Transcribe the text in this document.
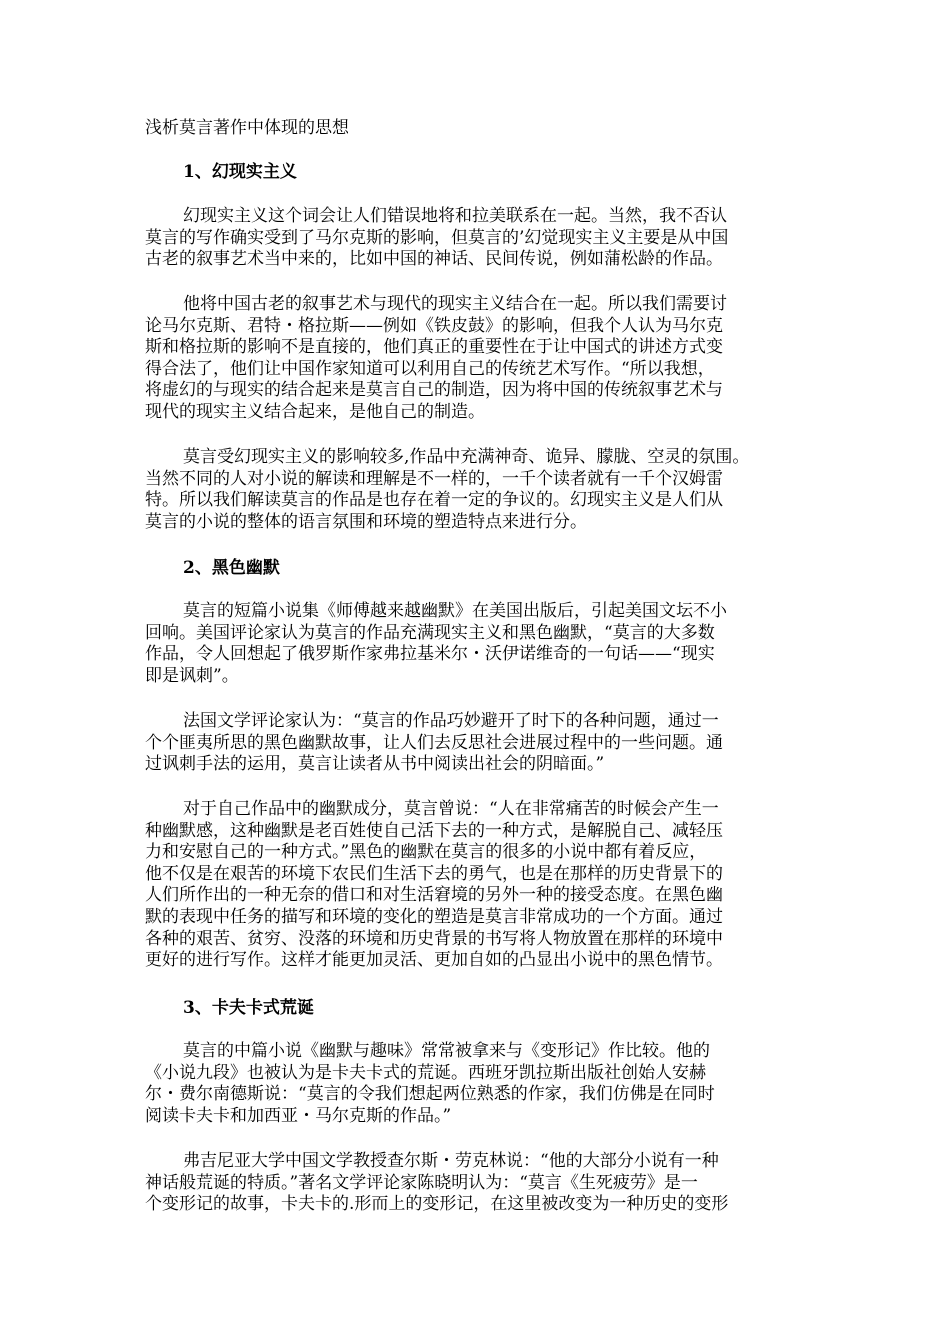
浅析莫言著作中体现的思想
1、幻现实主义

幻现实主义这个词会让人们错误地将和拉美联系在一起。当然，我不否认
莫言的写作确实受到了马尔克斯的影响，但莫言的’幻觉现实主义主要是从中国
古老的叙事艺术当中来的，比如中国的神话、民间传说，例如蒲松龄的作品。

他将中国古老的叙事艺术与现代的现实主义结合在一起。所以我们需要讨
论马尔克斯、君特・格拉斯——例如《铁皮鼓》的影响，但我个人认为马尔克
斯和格拉斯的影响不是直接的，他们真正的重要性在于让中国式的讲述方式变
得合法了，他们让中国作家知道可以利用自己的传统艺术写作。“所以我想，
将虚幻的与现实的结合起来是莫言自己的制造，因为将中国的传统叙事艺术与
现代的现实主义结合起来，是他自己的制造。

莫言受幻现实主义的影响较多,作品中充满神奇、诡异、朦胧、空灵的氛围。
当然不同的人对小说的解读和理解是不一样的，一千个读者就有一千个汉姆雷
特。所以我们解读莫言的作品是也存在着一定的争议的。幻现实主义是人们从
莫言的小说的整体的语言氛围和环境的塑造特点来进行分。

2、黑色幽默

莫言的短篇小说集《师傅越来越幽默》在美国出版后，引起美国文坛不小
回响。美国评论家认为莫言的作品充满现实主义和黑色幽默，“莫言的大多数
作品，令人回想起了俄罗斯作家弗拉基米尔・沃伊诺维奇的一句话——“现实
即是讽刺”。

法国文学评论家认为：“莫言的作品巧妙避开了时下的各种问题，通过一
个个匪夷所思的黑色幽默故事，让人们去反思社会进展过程中的一些问题。通
过讽刺手法的运用，莫言让读者从书中阅读出社会的阴暗面。”

对于自己作品中的幽默成分，莫言曾说：“人在非常痛苦的时候会产生一
种幽默感，这种幽默是老百姓使自己活下去的一种方式，是解脱自己、减轻压
力和安慰自己的一种方式。”黑色的幽默在莫言的很多的小说中都有着反应，
他不仅是在艰苦的环境下农民们生活下去的勇气，也是在那样的历史背景下的
人们所作出的一种无奈的借口和对生活窘境的另外一种的接受态度。在黑色幽
默的表现中任务的描写和环境的变化的塑造是莫言非常成功的一个方面。通过
各种的艰苦、贫穷、没落的环境和历史背景的书写将人物放置在那样的环境中
更好的进行写作。这样才能更加灵活、更加自如的凸显出小说中的黑色情节。

3、卡夫卡式荒诞

莫言的中篇小说《幽默与趣味》常常被拿来与《变形记》作比较。他的
《小说九段》也被认为是卡夫卡式的荒诞。西班牙凯拉斯出版社创始人安赫
尔・费尔南德斯说：“莫言的令我们想起两位熟悉的作家，我们仿佛是在同时
阅读卡夫卡和加西亚・马尔克斯的作品。”

弗吉尼亚大学中国文学教授查尔斯・劳克林说：“他的大部分小说有一种
神话般荒诞的特质。”著名文学评论家陈晓明认为：“莫言《生死疲劳》是一
个变形记的故事，卡夫卡的.形而上的变形记，在这里被改变为一种历史的变形
